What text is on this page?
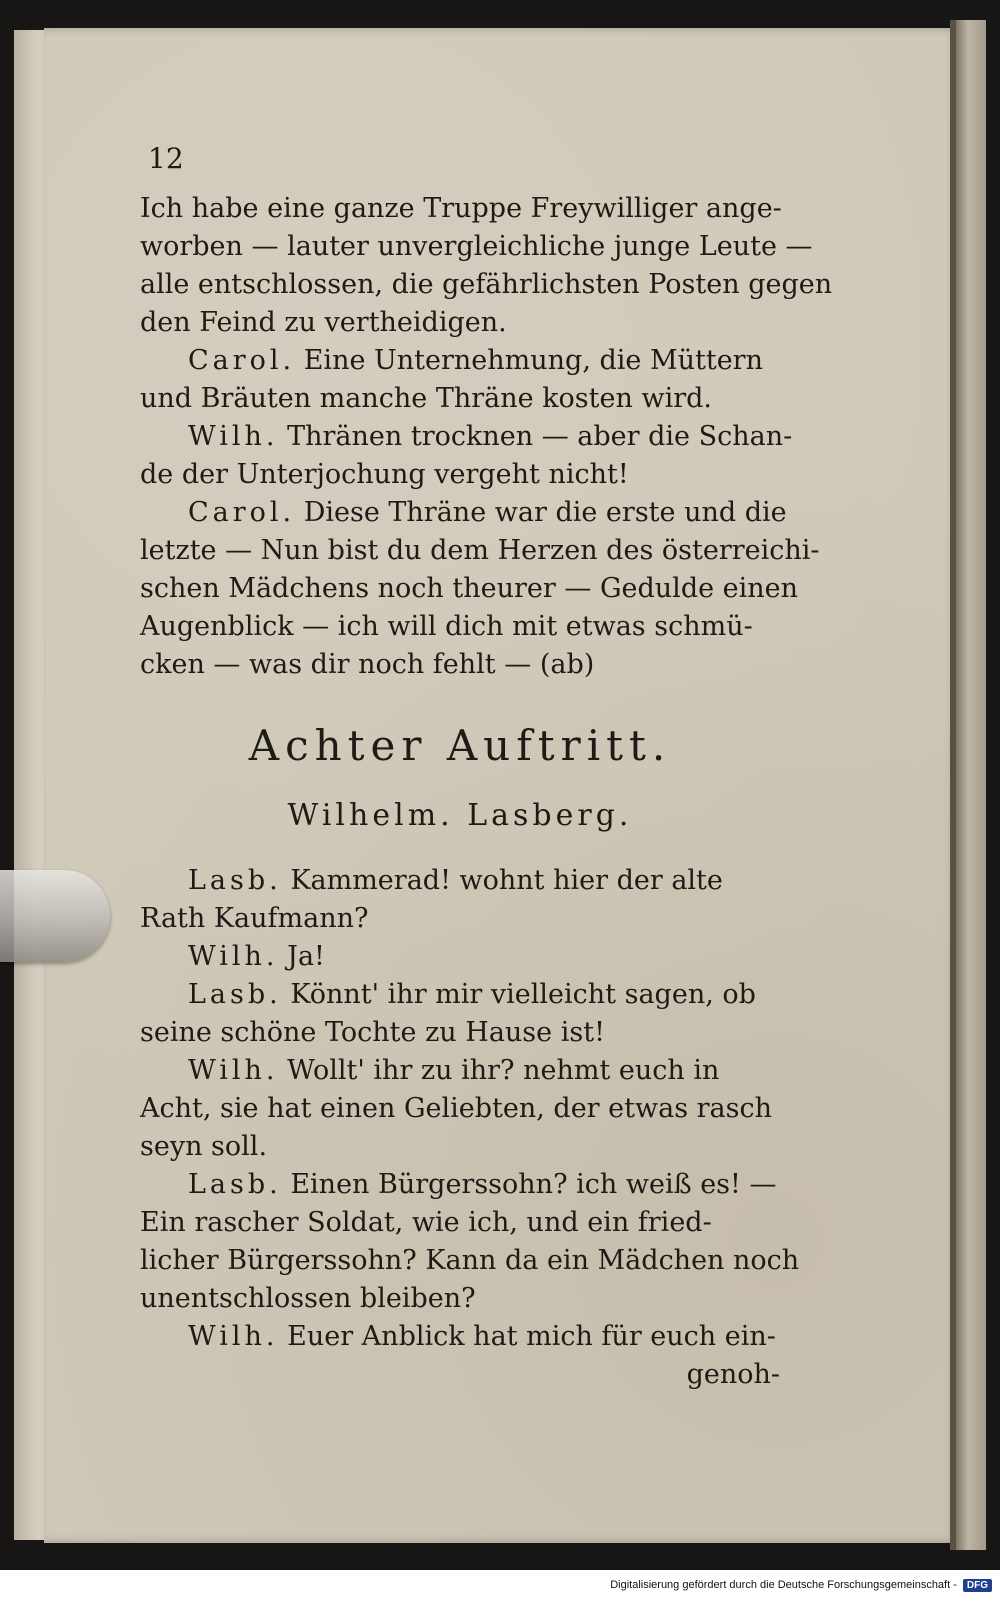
12
Ich habe eine ganze Truppe Freywilliger ange-
worben — lauter unvergleichliche junge Leute —
alle entschlossen, die gefährlichsten Posten gegen
den Feind zu vertheidigen.
Carol. Eine Unternehmung, die Müttern
und Bräuten manche Thräne kosten wird.
Wilh. Thränen trocknen — aber die Schan-
de der Unterjochung vergeht nicht!
Carol. Diese Thräne war die erste und die
letzte — Nun bist du dem Herzen des österreichi-
schen Mädchens noch theurer — Geduldе einen
Augenblick — ich will dich mit etwas schmü-
cken — was dir noch fehlt — (ab)
Achter Auftritt.
Wilhelm. Lasberg.
Lasb. Kammerad! wohnt hier der alte
Rath Kaufmann?
Wilh. Ja!
Lasb. Könnt' ihr mir vielleicht sagen, ob
seine schöne Tochte zu Hause ist!
Wilh. Wollt' ihr zu ihr? nehmt euch in
Acht, sie hat einen Geliebten, der etwas rasch
seyn soll.
Lasb. Einen Bürgerssohn? ich weiß es! —
Ein rascher Soldat, wie ich, und ein fried-
licher Bürgerssohn? Kann da ein Mädchen noch
unentschlossen bleiben?
Wilh. Euer Anblick hat mich für euch ein-
genoh-
Digitalisierung gefördert durch die Deutsche Forschungsgemeinschaft -	DFG
